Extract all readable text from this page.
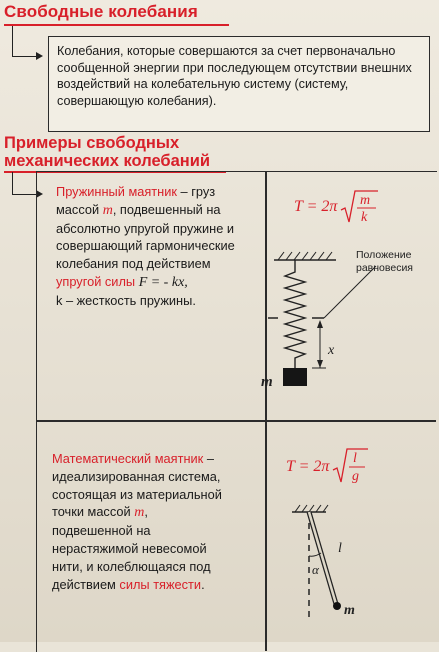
Свободные колебания
Колебания, которые совершаются за счет первоначально
сообщенной энергии при последующем отсутствии внешних
воздействий на колебательную систему (систему,
совершающую колебания).
Примеры свободных
механических колебаний
Пружинный маятник – груз
массой m, подвешенный на
абсолютно упругой пружине и
совершающий гармонические
колебания под действием
упругой силы F = - kx,
k – жесткость пружины.
T = 2π m
k
x
m
Положение
равновесия
Математический маятник –
идеализированная система,
состоящая из материальной
точки массой m,
подвешенной на
нерастяжимой невесомой
нити, и колеблющаяся под
действием силы тяжести.
T = 2π l
g
α
l
m
